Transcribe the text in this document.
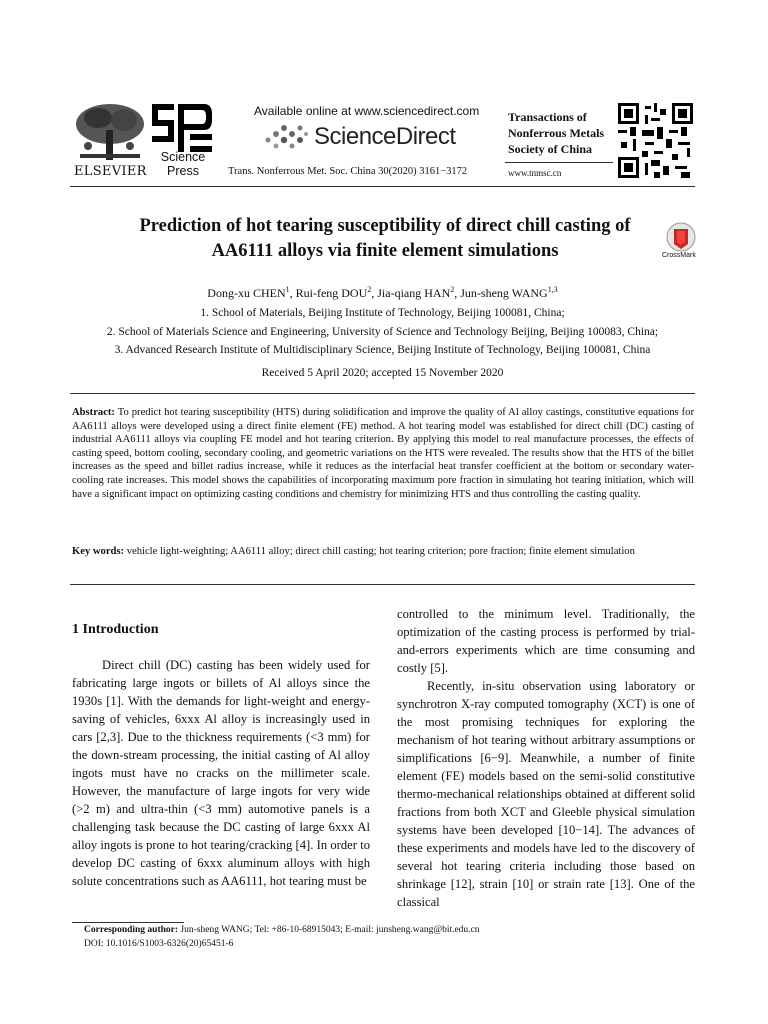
ELSEVIER
Science
Press
Available online at www.sciencedirect.com
ScienceDirect
Trans. Nonferrous Met. Soc. China 30(2020) 3161−3172
Transactions of
Nonferrous Metals
Society of China
www.tnmsc.cn
Prediction of hot tearing susceptibility of direct chill casting of
AA6111 alloys via finite element simulations	CrossMark
Dong-xu CHEN$^1$, Rui-feng DOU$^2$, Jia-qiang HAN$^2$, Jun-sheng WANG$^{1,3}$
1. School of Materials, Beijing Institute of Technology, Beijing 100081, China;
2. School of Materials Science and Engineering, University of Science and Technology Beijing, Beijing 100083, China;
3. Advanced Research Institute of Multidisciplinary Science, Beijing Institute of Technology, Beijing 100081, China
Received 5 April 2020; accepted 15 November 2020
Abstract: To predict hot tearing susceptibility (HTS) during solidification and improve the quality of Al alloy castings, constitutive equations for AA6111 alloys were developed using a direct finite element (FE) method. A hot tearing model was established for direct chill (DC) casting of industrial AA6111 alloys via coupling FE model and hot tearing criterion. By applying this model to real manufacture processes, the effects of casting speed, bottom cooling, secondary cooling, and geometric variations on the HTS were revealed. The results show that the HTS of the billet increases as the speed and billet radius increase, while it reduces as the interfacial heat transfer coefficient at the bottom or secondary water-cooling rate increases. This model shows the capabilities of incorporating maximum pore fraction in simulating hot tearing initiation, which will have a significant impact on optimizing casting conditions and chemistry for minimizing HTS and thus controlling the casting quality.
Key words: vehicle light-weighting; AA6111 alloy; direct chill casting; hot tearing criterion; pore fraction; finite element simulation
1 Introduction

Direct chill (DC) casting has been widely used for fabricating large ingots or billets of Al alloys since the 1930s [1]. With the demands for light-weight and energy-saving of vehicles, 6xxx Al alloy is increasingly used in cars [2,3]. Due to the thickness requirements (<3 mm) for the down-stream processing, the initial casting of Al alloy ingots must have no cracks on the millimeter scale. However, the manufacture of large ingots for very wide (>2 m) and ultra-thin (<3 mm) automotive panels is a challenging task because the DC casting of large 6xxx Al alloy ingots is prone to hot tearing/cracking [4]. In order to develop DC casting of 6xxx aluminum alloys with high solute concentrations such as AA6111, hot tearing must be

controlled to the minimum level. Traditionally, the optimization of the casting process is performed by trial-and-errors experiments which are time consuming and costly [5].

Recently, in-situ observation using laboratory or synchrotron X-ray computed tomography (XCT) is one of the most promising techniques for exploring the mechanism of hot tearing without arbitrary assumptions or simplifications [6−9]. Meanwhile, a number of finite element (FE) models based on the semi-solid constitutive thermo-mechanical relationships obtained at different solid fractions from both XCT and Gleeble physical simulation systems have been developed [10−14]. The advances of these experiments and models have led to the discovery of several hot tearing criteria including those based on shrinkage [12], strain [10] or strain rate [13]. One of the classical

Corresponding author: Jun-sheng WANG; Tel: +86-10-68915043; E-mail: junsheng.wang@bit.edu.cn
DOI: 10.1016/S1003-6326(20)65451-6
